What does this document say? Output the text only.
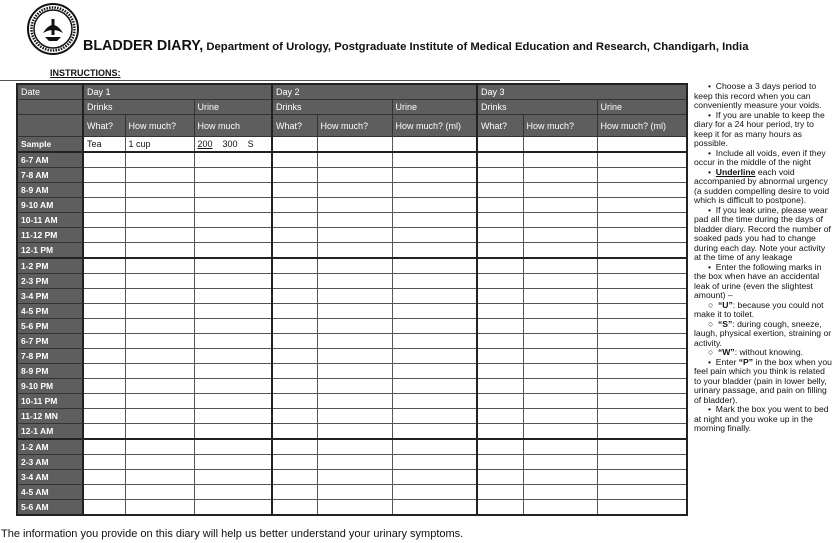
BLADDER DIARY, Department of Urology, Postgraduate Institute of Medical Education and Research, Chandigarh, India
INSTRUCTIONS:
Date	Day 1			Day 2			Day 3		
	Drinks		Urine	Drinks		Urine	Drinks		Urine
	What?	How much?	How much	What?	How much?	How much? (ml)	What?	How much?	How much? (ml)
Sample	Tea	1 cup	200 300 S						
6-7 AM									
7-8 AM									
8-9 AM									
9-10 AM									
10-11 AM									
11-12 PM									
12-1 PM									
1-2 PM									
2-3 PM									
3-4 PM									
4-5 PM									
5-6 PM									
6-7 PM									
7-8 PM									
8-9 PM									
9-10 PM									
10-11 PM									
11-12 MN									
12-1 AM									
1-2 AM									
2-3 AM									
3-4 AM									
4-5 AM									
5-6 AM									

•  Choose a 3 days period to keep this record when you can conveniently measure your voids.

•  If you are unable to keep the diary for a 24 hour period, try to keep it for as many hours as possible.

•  Include all voids, even if they occur in the middle of the night

•  Underline each void accompanied by abnormal urgency (a sudden compelling desire to void which is difficult to postpone).

•  If you leak urine, please wear pad all the time during the days of bladder diary. Record the number of soaked pads you had to change during each day. Note your activity at the time of any leakage

•  Enter the following marks in the box when have an accidental leak of urine (even the slightest amount) –

○  “U”: because you could not make it to toilet.

○  “S”: during cough, sneeze, laugh, physical exertion, straining or activity.

○  “W”: without knowing.

•  Enter “P” in the box when you feel pain which you think is related to your bladder (pain in lower belly, urinary passage, and pain on filling of bladder).

•  Mark the box you went to bed at night and you woke up in the morning finally.

The information you provide on this diary will help us better understand your urinary symptoms.
